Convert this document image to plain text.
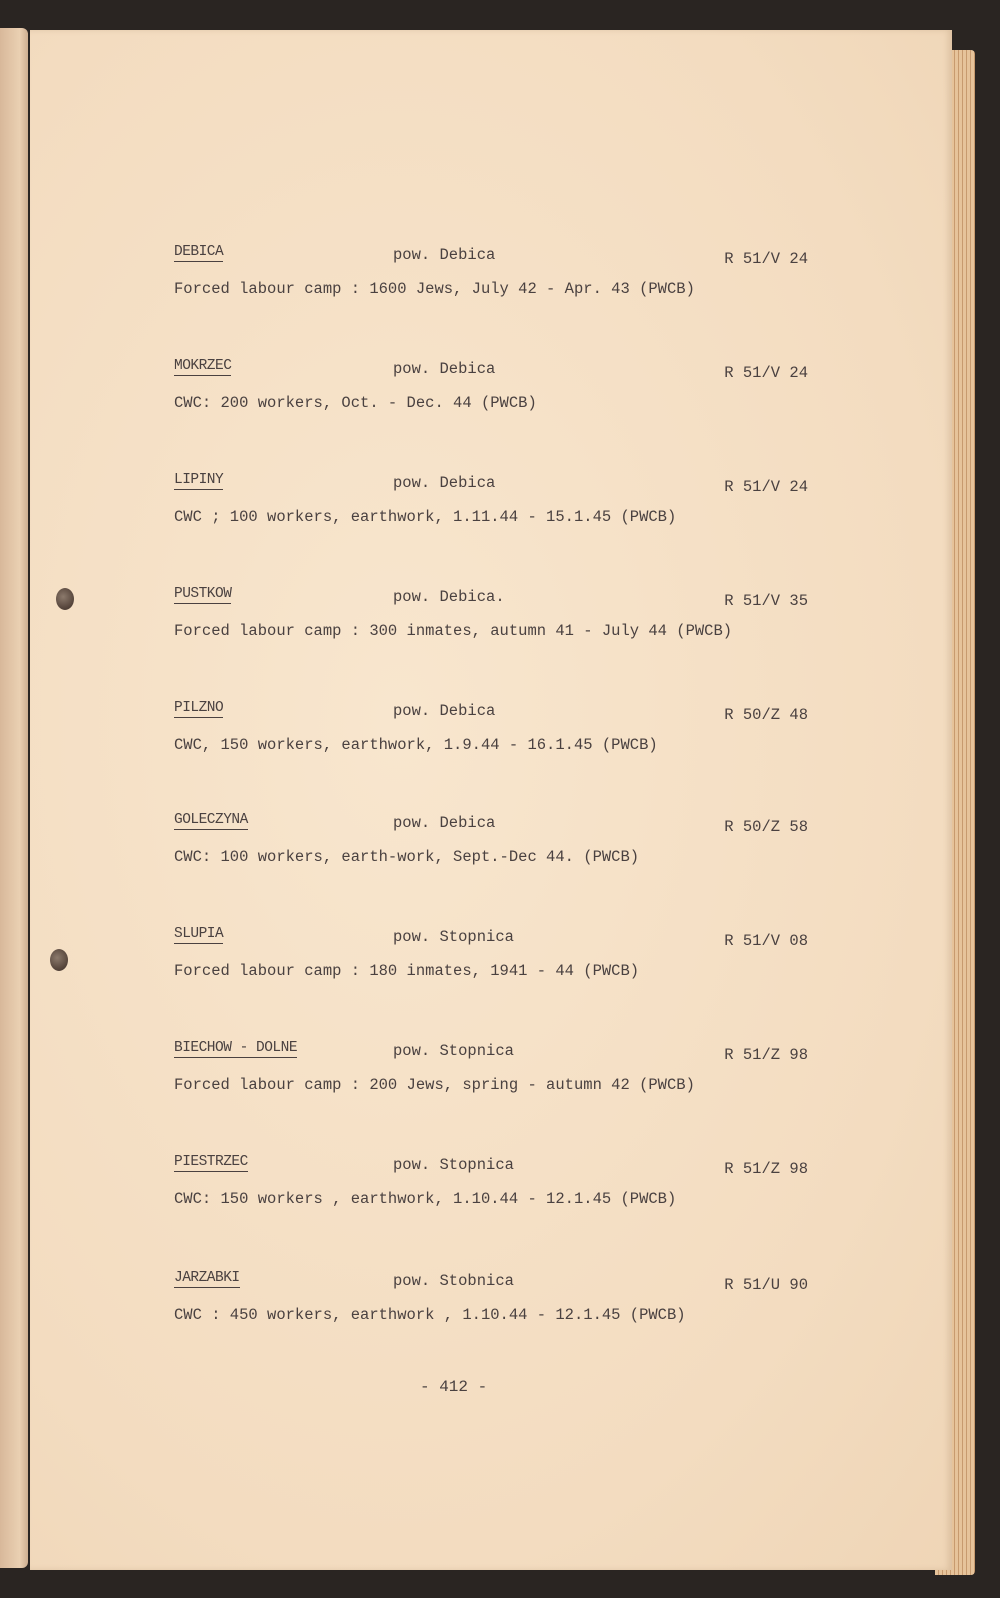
DEBICA	pow. Debica	R 51/V 24
Forced labour camp : 1600 Jews, July 42 - Apr. 43 (PWCB)
MOKRZEC	pow. Debica	R 51/V 24
CWC: 200 workers, Oct. - Dec. 44 (PWCB)
LIPINY	pow. Debica	R 51/V 24
CWC ; 100 workers, earthwork, 1.11.44 - 15.1.45 (PWCB)
PUSTKOW	pow. Debica.	R 51/V 35
Forced labour camp : 300 inmates, autumn 41 - July 44 (PWCB)
PILZNO	pow. Debica	R 50/Z 48
CWC, 150 workers, earthwork, 1.9.44 - 16.1.45 (PWCB)
GOLECZYNA	pow. Debica	R 50/Z 58
CWC: 100 workers, earth-work, Sept.-Dec 44. (PWCB)
SLUPIA	pow. Stopnica	R 51/V 08
Forced labour camp : 180 inmates, 1941 - 44 (PWCB)
BIECHOW - DOLNE	pow. Stopnica	R 51/Z 98
Forced labour camp : 200 Jews, spring - autumn 42 (PWCB)
PIESTRZEC	pow. Stopnica	R 51/Z 98
CWC: 150 workers , earthwork, 1.10.44 - 12.1.45 (PWCB)
JARZABKI	pow. Stobnica	R 51/U 90
CWC : 450 workers, earthwork , 1.10.44 - 12.1.45 (PWCB)
- 412 -
